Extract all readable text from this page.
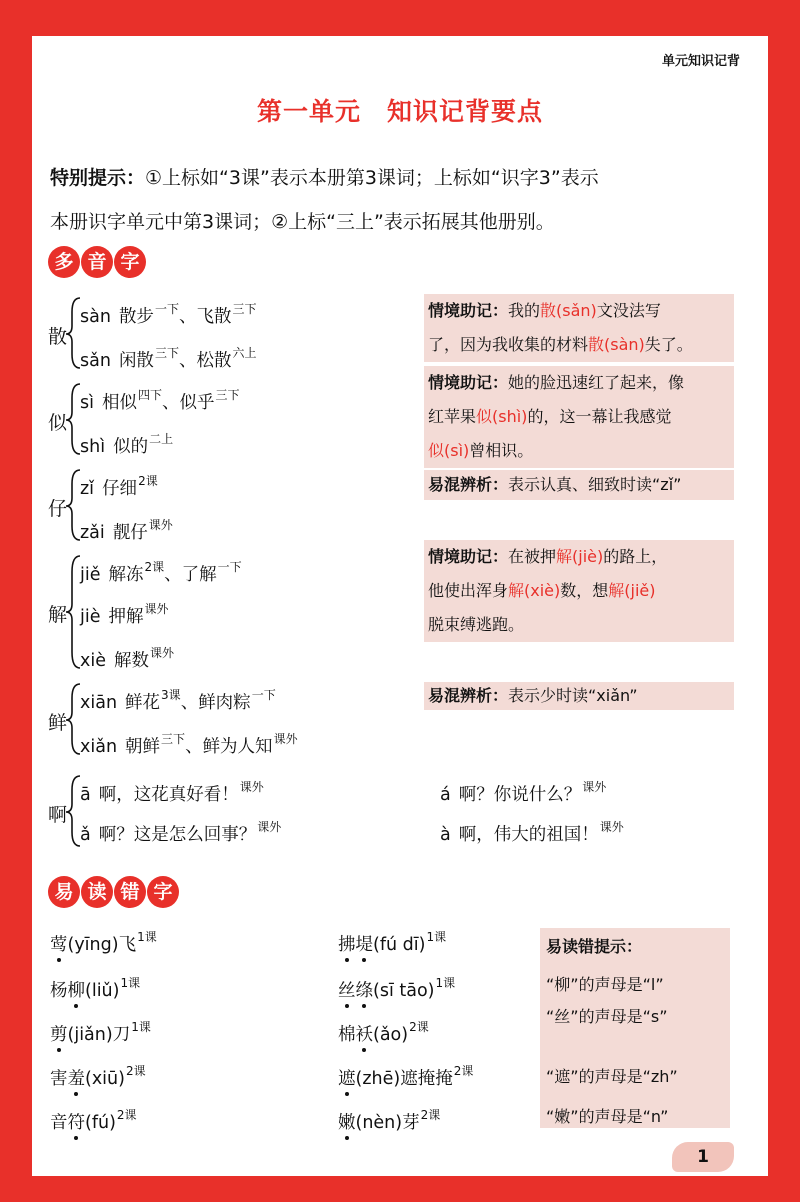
单元知识记背
第一单元　知识记背要点
特别提示：①上标如“3课”表示本册第3课词；上标如“识字3”表示
本册识字单元中第3课词；②上标“三上”表示拓展其他册别。
多 音 字
散
sàn 散步$^{一下}$、飞散$^{三下}$
sǎn 闲散$^{三下}$、松散$^{六上}$
似
sì 相似$^{四下}$、似乎$^{三下}$
shì 似的$^{二上}$
仔
zǐ 仔细$^{2课}$
zǎi 靓仔$^{课外}$
解
jiě 解冻$^{2课}$、了解$^{一下}$
jiè 押解$^{课外}$
xiè 解数$^{课外}$
鲜
xiān 鲜花$^{3课}$、鲜肉粽$^{一下}$
xiǎn 朝鲜$^{三下}$、鲜为人知$^{课外}$
啊
ā 啊，这花真好看！$^{课外}$
ǎ 啊？这是怎么回事？$^{课外}$
á 啊？你说什么？$^{课外}$
à 啊，伟大的祖国！$^{课外}$
情境助记：我的散(sǎn)文没法写
了，因为我收集的材料散(sàn)失了。
情境助记：她的脸迅速红了起来，像
红苹果似(shì)的，这一幕让我感觉
似(sì)曾相识。
易混辨析：表示认真、细致时读“zǐ”
情境助记：在被押解(jiè)的路上，
他使出浑身解(xiè)数，想解(jiě)
脱束缚逃跑。
易混辨析：表示少时读“xiǎn”
易 读 错 字
莺(yīng)飞$^{1课}$
杨柳(liǔ)$^{1课}$
剪(jiǎn)刀$^{1课}$
害羞(xiū)$^{2课}$
音符(fú)$^{2课}$
拂堤(fú dī)$^{1课}$
丝绦(sī tāo)$^{1课}$
棉袄(ǎo)$^{2课}$
遮(zhē)遮掩掩$^{2课}$
嫩(nèn)芽$^{2课}$
易读错提示：
“柳”的声母是“l”
“丝”的声母是“s”
“遮”的声母是“zh”
“嫩”的声母是“n”
1
